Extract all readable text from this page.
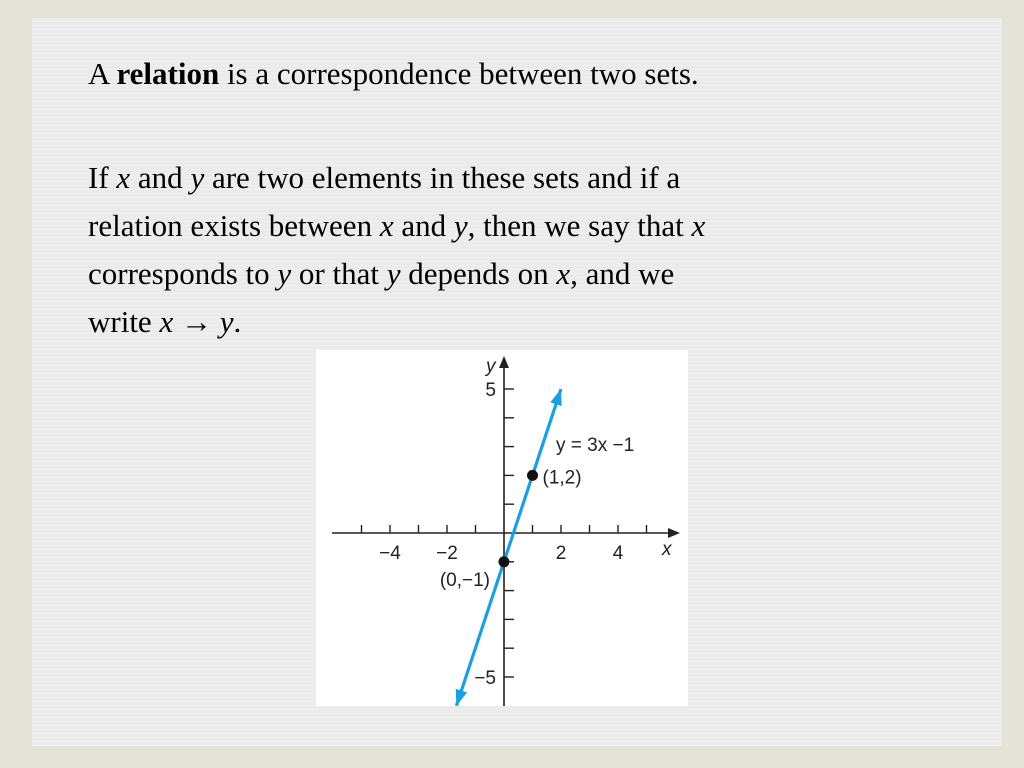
A relation is a correspondence between two sets.
If x and y are two elements in these sets and if a
relation exists between x and y, then we say that x
corresponds to y or that y depends on x, and we
write x → y.
−4 −2	2 4
5
−5
x
y
y = 3x −1
(1,2)
(0,−1)
